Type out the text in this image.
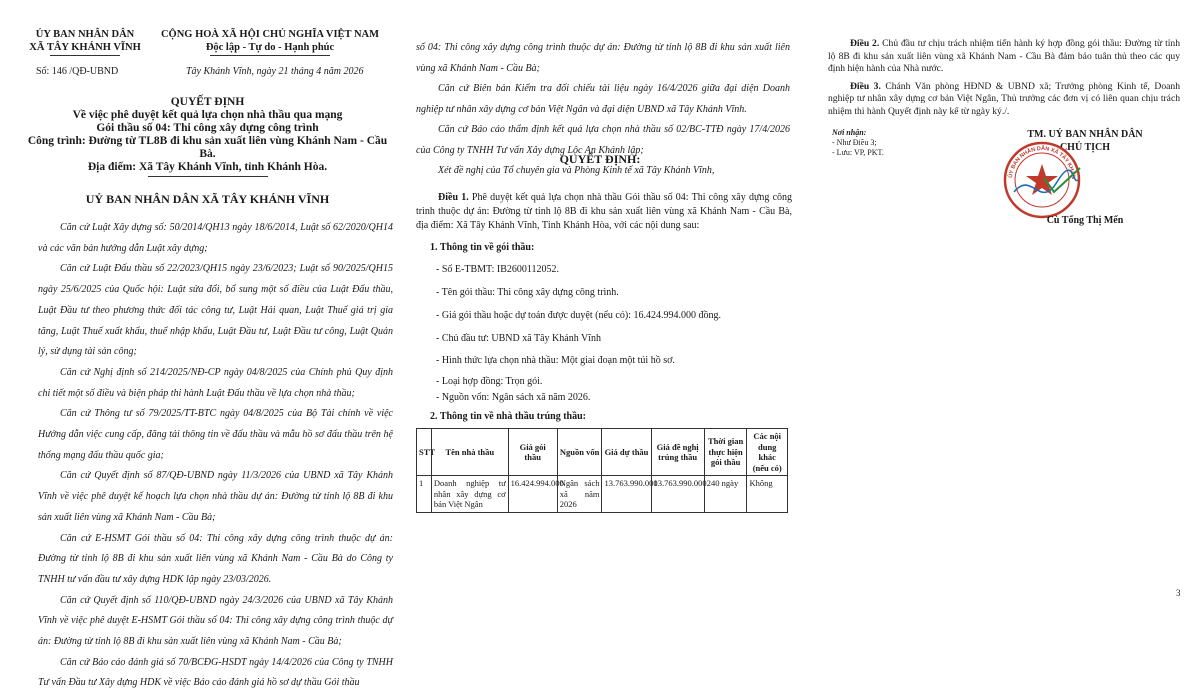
ỦY BAN NHÂN DÂN
XÃ TÂY KHÁNH VĨNH
CỘNG HOÀ XÃ HỘI CHỦ NGHĨA VIỆT NAM
Độc lập - Tự do - Hạnh phúc
Số: 146 /QĐ-UBND	Tây Khánh Vĩnh, ngày 21 tháng 4 năm 2026
QUYẾT ĐỊNH
Về việc phê duyệt kết quả lựa chọn nhà thầu qua mạng
Gói thầu số 04: Thi công xây dựng công trình
Công trình: Đường từ TL8B đi khu sản xuất liên vùng Khánh Nam - Cầu Bà.
Địa điểm: Xã Tây Khánh Vĩnh, tỉnh Khánh Hòa.
UỶ BAN NHÂN DÂN XÃ TÂY KHÁNH VĨNH

Căn cứ Luật Xây dựng số: 50/2014/QH13 ngày 18/6/2014, Luật số 62/2020/QH14 và các văn bản hướng dẫn Luật xây dựng;

Căn cứ Luật Đấu thầu số 22/2023/QH15 ngày 23/6/2023; Luật số 90/2025/QH15 ngày 25/6/2025 của Quốc hội: Luật sửa đổi, bổ sung một số điều của Luật Đấu thầu, Luật Đầu tư theo phương thức đối tác công tư, Luật Hải quan, Luật Thuế giá trị gia tăng, Luật Thuế xuất khẩu, thuế nhập khẩu, Luật Đầu tư, Luật Đầu tư công, Luật Quản lý, sử dụng tài sản công;

Căn cứ Nghị định số 214/2025/NĐ-CP ngày 04/8/2025 của Chính phủ Quy định chi tiết một số điều và biện pháp thi hành Luật Đấu thầu về lựa chọn nhà thầu;

Căn cứ Thông tư số 79/2025/TT-BTC ngày 04/8/2025 của Bộ Tài chính về việc Hướng dẫn việc cung cấp, đăng tải thông tin về đấu thầu và mẫu hồ sơ đấu thầu trên hệ thống mạng đấu thầu quốc gia;

Căn cứ Quyết định số 87/QĐ-UBND ngày 11/3/2026 của UBND xã Tây Khánh Vĩnh về việc phê duyệt kế hoạch lựa chọn nhà thầu dự án: Đường từ tỉnh lộ 8B đi khu sản xuất liên vùng xã Khánh Nam - Cầu Bà;

Căn cứ E-HSMT Gói thầu số 04: Thi công xây dựng công trình thuộc dự án: Đường từ tỉnh lộ 8B đi khu sản xuất liên vùng xã Khánh Nam - Cầu Bà do Công ty TNHH tư vấn đầu tư xây dựng HDK lập ngày 23/03/2026.

Căn cứ Quyết định số 110/QĐ-UBND ngày 24/3/2026 của UBND xã Tây Khánh Vĩnh về việc phê duyệt E-HSMT Gói thầu số 04: Thi công xây dựng công trình thuộc dự án: Đường từ tỉnh lộ 8B đi khu sản xuất liên vùng xã Khánh Nam - Cầu Bà;

Căn cứ Báo cáo đánh giá số 70/BCĐG-HSDT ngày 14/4/2026 của Công ty TNHH Tư vấn Đầu tư Xây dựng HDK về việc Báo cáo đánh giá hồ sơ dự thầu Gói thầu

số 04: Thi công xây dựng công trình thuộc dự án: Đường từ tỉnh lộ 8B đi khu sản xuất liên vùng xã Khánh Nam - Cầu Bà;

Căn cứ Biên bản Kiểm tra đối chiếu tài liệu ngày 16/4/2026 giữa đại diện Doanh nghiệp tư nhân xây dựng cơ bản Việt Ngân và đại diện UBND xã Tây Khánh Vĩnh.

Căn cứ Báo cáo thẩm định kết quả lựa chọn nhà thầu số 02/BC-TTĐ ngày 17/4/2026 của Công ty TNHH Tư vấn Xây dựng Lộc An Khánh lập;

Xét đề nghị của Tổ chuyên gia và Phòng Kinh tế xã Tây Khánh Vĩnh,

QUYẾT ĐỊNH:
Điều 1. Phê duyệt kết quả lựa chọn nhà thầu Gói thầu số 04: Thi công xây dựng công trình thuộc dự án: Đường từ tỉnh lộ 8B đi khu sản xuất liên vùng xã Khánh Nam - Cầu Bà, địa điểm: Xã Tây Khánh Vĩnh, Tỉnh Khánh Hòa, với các nội dung sau:
1. Thông tin về gói thầu:
- Số E-TBMT: IB2600112052.
- Tên gói thầu: Thi công xây dựng công trình.
- Giá gói thầu hoặc dự toán được duyệt (nếu có): 16.424.994.000 đồng.
- Chủ đầu tư: UBND xã Tây Khánh Vĩnh
- Hình thức lựa chọn nhà thầu: Một giai đoạn một túi hồ sơ.
- Loại hợp đồng: Trọn gói.
- Nguồn vốn: Ngân sách xã năm 2026.
2. Thông tin về nhà thầu trúng thầu:
STT	Tên nhà thầu	Giá gói thầu	Nguồn vốn	Giá dự thầu	Giá đề nghị trúng thầu	Thời gian thực hiện gói thầu	Các nội dung khác (nếu có)
1	Doanh nghiệp tư nhân xây dựng cơ bản Việt Ngân	16.424.994.000	Ngân sách xã năm 2026	13.763.990.000	13.763.990.000	240 ngày	Không

Điều 2. Chủ đầu tư chịu trách nhiệm tiến hành ký hợp đồng gói thầu: Đường từ tỉnh lộ 8B đi khu sản xuất liên vùng xã Khánh Nam - Cầu Bà đảm bảo tuân thủ theo các quy định hiện hành của Nhà nước.

Điều 3. Chánh Văn phòng HĐND & UBND xã; Trưởng phòng Kinh tế, Doanh nghiệp tư nhân xây dựng cơ bản Việt Ngân, Thủ trưởng các đơn vị có liên quan chịu trách nhiệm thi hành Quyết định này kể từ ngày ký./.

Nơi nhận:
- Như Điều 3;
- Lưu: VP, PKT.
TM. UỶ BAN NHÂN DÂN
CHỦ TỊCH
ỦY BAN NHÂN DÂN XÃ TÂY KHÁN
Cù Tống Thị Mến
3
